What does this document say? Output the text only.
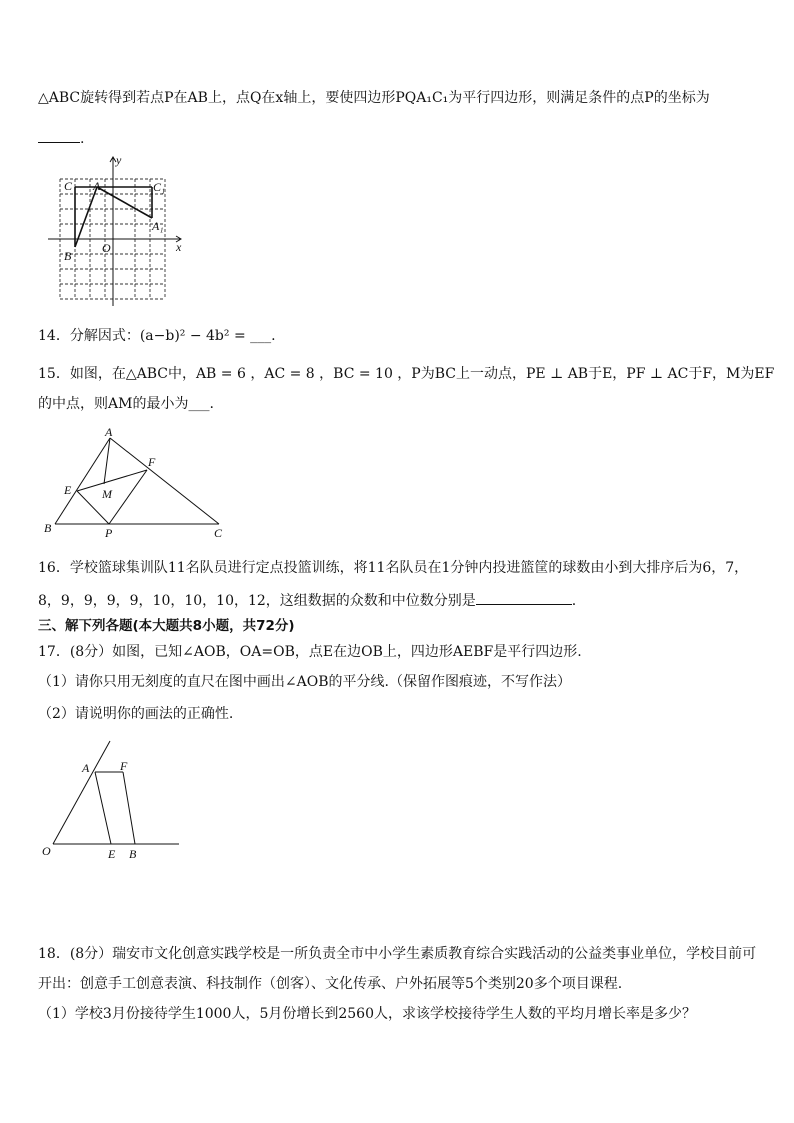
△ABC旋转得到若点P在AB上，点Q在x轴上，要使四边形PQA₁C₁为平行四边形，则满足条件的点P的坐标为
.
y
x
C A	C₁
A₁
O
B
14．分解因式：(a−b)² − 4b² = ___.
15．如图，在△ABC中，AB = 6 ，AC = 8 ，BC = 10 ，P为BC上一动点，PE ⊥ AB于E，PF ⊥ AC于F，M为EF
的中点，则AM的最小为___.
A
F
E	M
B	P	C
16．学校篮球集训队11名队员进行定点投篮训练，将11名队员在1分钟内投进篮筐的球数由小到大排序后为6，7，
8，9，9，9，9，10，10，10，12，这组数据的众数和中位数分别是	.
三、解下列各题(本大题共8小题，共72分)
17．(8分）如图，已知∠AOB，OA=OB，点E在边OB上，四边形AEBF是平行四边形.
（1）请你只用无刻度的直尺在图中画出∠AOB的平分线.（保留作图痕迹，不写作法）
（2）请说明你的画法的正确性.
A	F
O	E B
18．(8分）瑞安市文化创意实践学校是一所负责全市中小学生素质教育综合实践活动的公益类事业单位，学校目前可
开出：创意手工创意表演、科技制作（创客）、文化传承、户外拓展等5个类别20多个项目课程.
（1）学校3月份接待学生1000人，5月份增长到2560人，求该学校接待学生人数的平均月增长率是多少？
